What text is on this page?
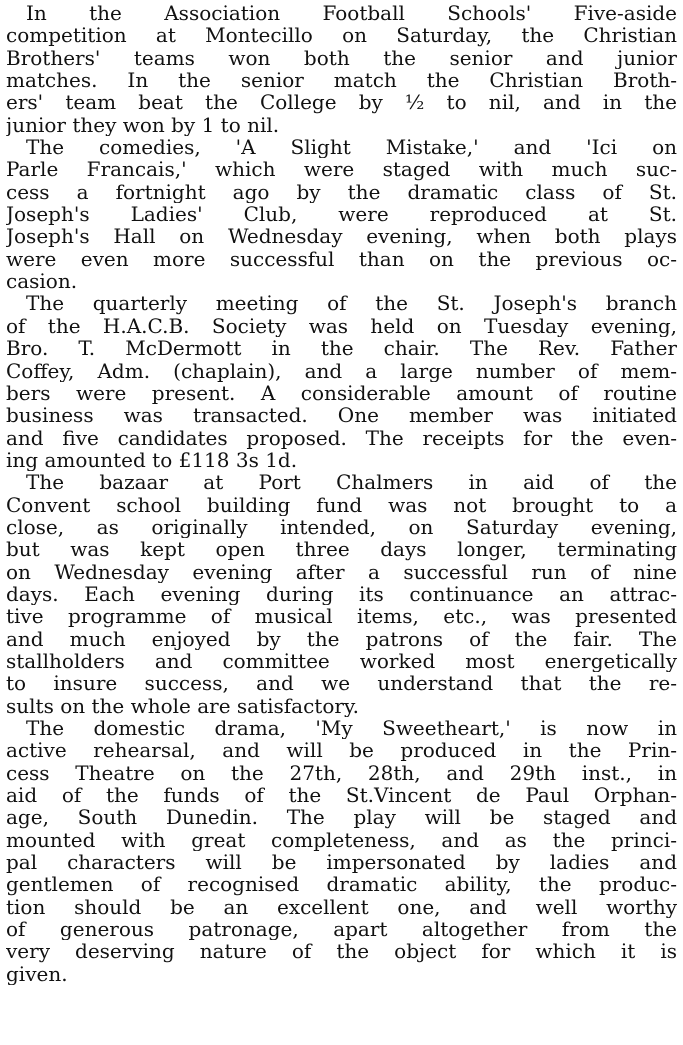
In the Association Football Schools' Five-aside
competition at Montecillo on Saturday, the Christian
Brothers' teams won both the senior and junior
matches. In the senior match the Christian Broth-
ers' team beat the College by ½ to nil, and in the
junior they won by 1 to nil.
The comedies, 'A Slight Mistake,' and 'Ici on
Parle Francais,' which were staged with much suc-
cess a fortnight ago by the dramatic class of St.
Joseph's Ladies' Club, were reproduced at St.
Joseph's Hall on Wednesday evening, when both plays
were even more successful than on the previous oc-
casion.
The quarterly meeting of the St. Joseph's branch
of the H.A.C.B. Society was held on Tuesday evening,
Bro. T. McDermott in the chair. The Rev. Father
Coffey, Adm. (chaplain), and a large number of mem-
bers were present. A considerable amount of routine
business was transacted. One member was initiated
and five candidates proposed. The receipts for the even-
ing amounted to £118 3s 1d.
The bazaar at Port Chalmers in aid of the
Convent school building fund was not brought to a
close, as originally intended, on Saturday evening,
but was kept open three days longer, terminating
on Wednesday evening after a successful run of nine
days. Each evening during its continuance an attrac-
tive programme of musical items, etc., was presented
and much enjoyed by the patrons of the fair. The
stallholders and committee worked most energetically
to insure success, and we understand that the re-
sults on the whole are satisfactory.
The domestic drama, 'My Sweetheart,' is now in
active rehearsal, and will be produced in the Prin-
cess Theatre on the 27th, 28th, and 29th inst., in
aid of the funds of the St.Vincent de Paul Orphan-
age, South Dunedin. The play will be staged and
mounted with great completeness, and as the princi-
pal characters will be impersonated by ladies and
gentlemen of recognised dramatic ability, the produc-
tion should be an excellent one, and well worthy
of generous patronage, apart altogether from the
very deserving nature of the object for which it is
given.
